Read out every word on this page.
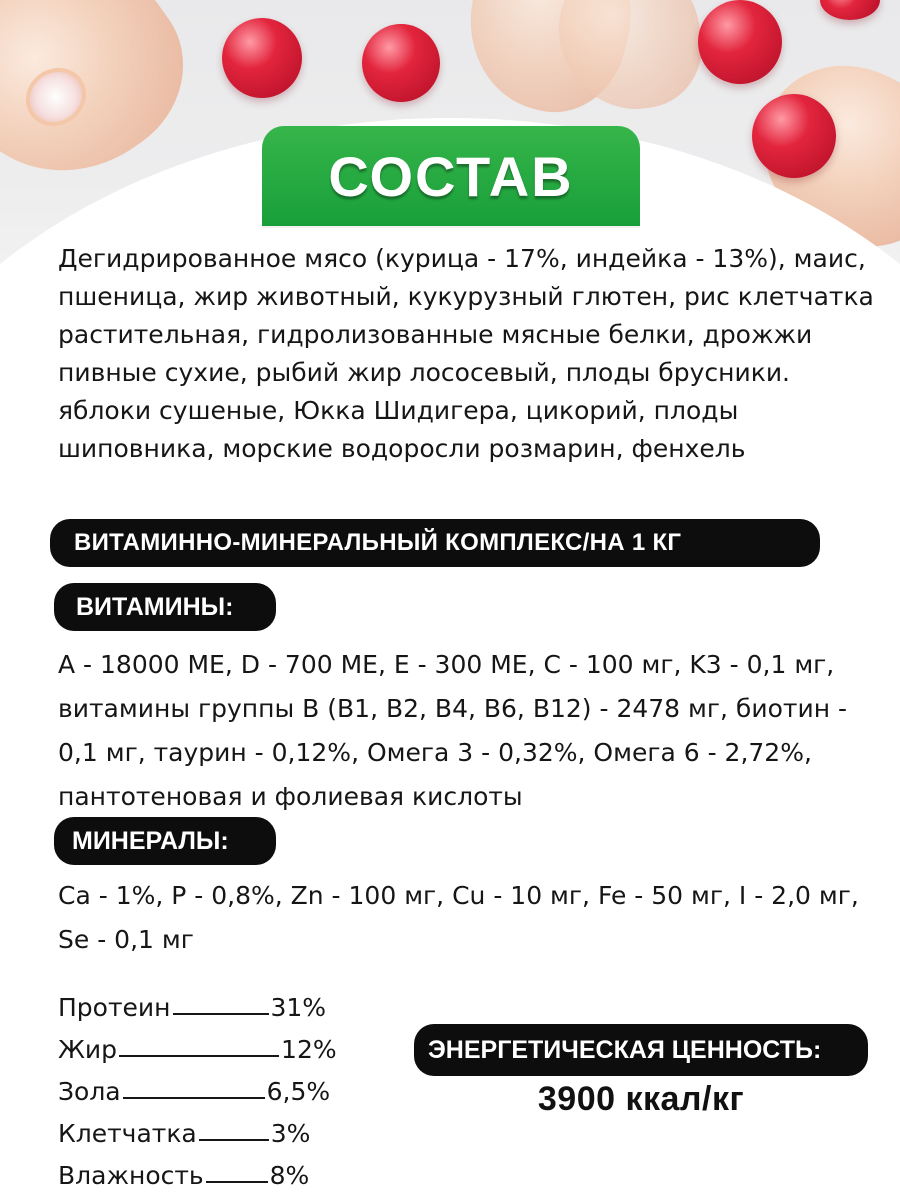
СОСТАВ

Дегидрированное мясо (курица - 17%, индейка - 13%), маис, пшеница, жир животный, кукурузный глютен, рис клетчатка растительная, гидролизованные мясные белки, дрожжи пивные сухие, рыбий жир лососевый, плоды брусники. яблоки сушеные, Юкка Шидигера, цикорий, плоды шиповника, морские водоросли розмарин, фенхель

ВИТАМИННО-МИНЕРАЛЬНЫЙ КОМПЛЕКС/НА 1 КГ
ВИТАМИНЫ:

A - 18000 ME, D - 700 ME, E - 300 ME, C - 100 мг, K3 - 0,1 мг, витамины группы B (B1, B2, B4, B6, B12) - 2478 мг, биотин - 0,1 мг, таурин - 0,12%, Омега 3 - 0,32%, Омега 6 - 2,72%, пантотеновая и фолиевая кислоты

МИНЕРАЛЫ:

Ca - 1%, P - 0,8%, Zn - 100 мг, Cu - 10 мг, Fe - 50 мг, I - 2,0 мг, Se - 0,1 мг

Протеин	31%
Жир	12%
Зола	6,5%
Клетчатка	3%
Влажность	8%
ЭНЕРГЕТИЧЕСКАЯ ЦЕННОСТЬ:
3900 ккал/кг
